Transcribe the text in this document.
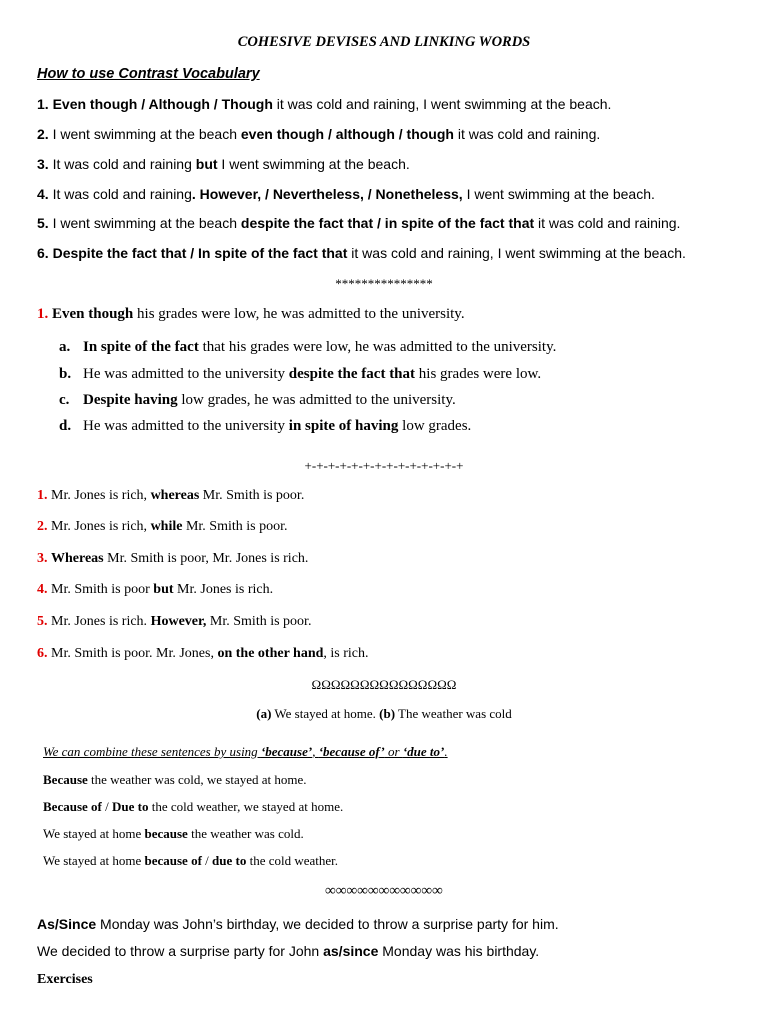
COHESIVE DEVISES AND LINKING WORDS
How to use Contrast Vocabulary
1. Even though / Although / Though it was cold and raining, I went swimming at the beach.
2. I went swimming at the beach even though / although / though it was cold and raining.
3. It was cold and raining but I went swimming at the beach.
4. It was cold and raining. However, / Nevertheless, / Nonetheless, I went swimming at the beach.
5. I went swimming at the beach despite the fact that / in spite of the fact that it was cold and raining.
6. Despite the fact that / In spite of the fact that it was cold and raining, I went swimming at the beach.
***************
1. Even though his grades were low, he was admitted to the university.
a. In spite of the fact that his grades were low, he was admitted to the university.
b. He was admitted to the university despite the fact that his grades were low.
c. Despite having low grades, he was admitted to the university.
d. He was admitted to the university in spite of having low grades.
+-+-+-+-+-+-+-+-+-+-+-+-+-+
1. Mr. Jones is rich, whereas Mr. Smith is poor.
2. Mr. Jones is rich, while Mr. Smith is poor.
3. Whereas Mr. Smith is poor, Mr. Jones is rich.
4. Mr. Smith is poor but Mr. Jones is rich.
5. Mr. Jones is rich. However, Mr. Smith is poor.
6. Mr. Smith is poor. Mr. Jones, on the other hand, is rich.
ΩΩΩΩΩΩΩΩΩΩΩΩΩΩΩ
(a) We stayed at home. (b) The weather was cold
We can combine these sentences by using ‘because’, ‘because of’ or ‘due to’.
Because the weather was cold, we stayed at home.
Because of / Due to the cold weather, we stayed at home.
We stayed at home because the weather was cold.
We stayed at home because of / due to the cold weather.
∞∞∞∞∞∞∞∞∞∞∞
As/Since Monday was John’s birthday, we decided to throw a surprise party for him.
We decided to throw a surprise party for John as/since Monday was his birthday.
Exercises
